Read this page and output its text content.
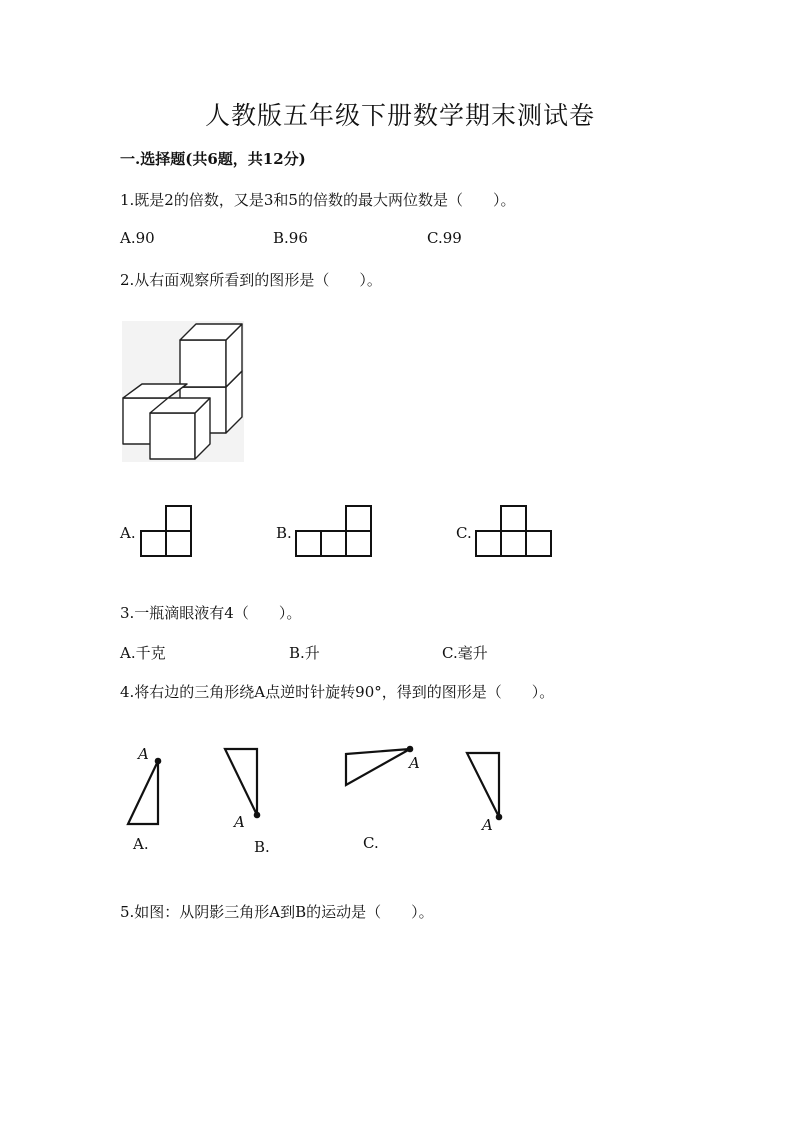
人教版五年级下册数学期末测试卷
一.选择题(共6题，共12分)
1.既是2的倍数，又是3和5的倍数的最大两位数是（　　）。
A.90	B.96	C.99
2.从右面观察所看到的图形是（　　）。
A.	B.	C.
3.一瓶滴眼液有4（　　）。
A.千克	B.升	C.毫升
4.将右边的三角形绕A点逆时针旋转90°，得到的图形是（　　）。
A
A
A
A
A.	B.	C.
5.如图：从阴影三角形A到B的运动是（　　）。
